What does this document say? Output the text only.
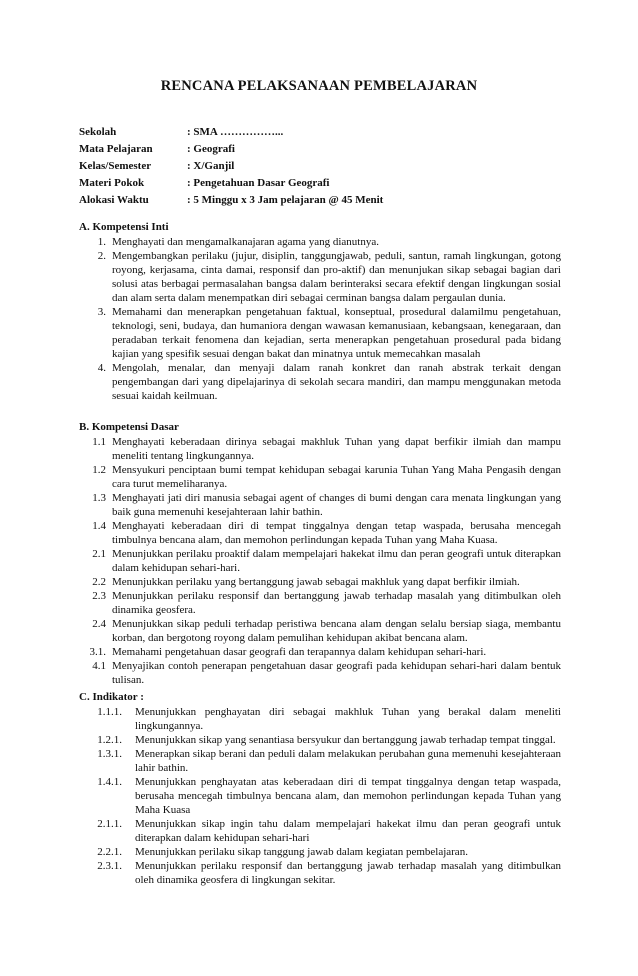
RENCANA PELAKSANAAN PEMBELAJARAN
Sekolah	: SMA ……………...
Mata Pelajaran	: Geografi
Kelas/Semester	: X/Ganjil
Materi Pokok	: Pengetahuan Dasar Geografi
Alokasi Waktu	: 5 Minggu x 3 Jam pelajaran @ 45 Menit
A. Kompetensi Inti
1. Menghayati dan mengamalkanajaran agama yang dianutnya.
2. Mengembangkan perilaku (jujur, disiplin, tanggungjawab, peduli, santun, ramah lingkungan, gotong royong, kerjasama, cinta damai, responsif dan pro-aktif) dan menunjukan sikap sebagai bagian dari solusi atas berbagai permasalahan bangsa dalam berinteraksi secara efektif dengan lingkungan sosial dan alam serta dalam menempatkan diri sebagai cerminan bangsa dalam pergaulan dunia.
3. Memahami dan menerapkan pengetahuan faktual, konseptual, prosedural dalamilmu pengetahuan, teknologi, seni, budaya, dan humaniora dengan wawasan kemanusiaan, kebangsaan, kenegaraan, dan peradaban terkait fenomena dan kejadian, serta menerapkan pengetahuan prosedural pada bidang kajian yang spesifik sesuai dengan bakat dan minatnya untuk memecahkan masalah
4. Mengolah, menalar, dan menyaji dalam ranah konkret dan ranah abstrak terkait dengan pengembangan dari yang dipelajarinya di sekolah secara mandiri, dan mampu menggunakan metoda sesuai kaidah keilmuan.
B. Kompetensi Dasar
1.1 Menghayati keberadaan dirinya sebagai makhluk Tuhan yang dapat berfikir ilmiah dan mampu meneliti tentang lingkungannya.
1.2 Mensyukuri penciptaan bumi tempat kehidupan sebagai karunia Tuhan Yang Maha Pengasih dengan cara turut memeliharanya.
1.3 Menghayati jati diri manusia sebagai agent of changes di bumi dengan cara menata lingkungan yang baik guna memenuhi kesejahteraan lahir bathin.
1.4 Menghayati keberadaan diri di tempat tinggalnya dengan tetap waspada, berusaha mencegah timbulnya bencana alam, dan memohon perlindungan kepada Tuhan yang Maha Kuasa.
2.1 Menunjukkan perilaku proaktif dalam mempelajari hakekat ilmu dan peran geografi untuk diterapkan dalam kehidupan sehari-hari.
2.2 Menunjukkan perilaku yang bertanggung jawab sebagai makhluk yang dapat berfikir ilmiah.
2.3 Menunjukkan perilaku responsif dan bertanggung jawab terhadap masalah yang ditimbulkan oleh dinamika geosfera.
2.4 Menunjukkan sikap peduli terhadap peristiwa bencana alam dengan selalu bersiap siaga, membantu korban, dan bergotong royong dalam pemulihan kehidupan akibat bencana alam.
3.1. Memahami pengetahuan dasar geografi dan terapannya dalam kehidupan sehari-hari.
4.1 Menyajikan contoh penerapan pengetahuan dasar geografi pada kehidupan sehari-hari dalam bentuk tulisan.
C. Indikator :
1.1.1.	Menunjukkan penghayatan diri sebagai makhluk Tuhan yang berakal dalam meneliti lingkungannya.
1.2.1.	Menunjukkan sikap yang senantiasa bersyukur dan bertanggung jawab terhadap tempat tinggal.
1.3.1.	Menerapkan sikap berani dan peduli dalam melakukan perubahan guna memenuhi kesejahteraan lahir bathin.
1.4.1.	Menunjukkan penghayatan atas keberadaan diri di tempat tinggalnya dengan tetap waspada, berusaha mencegah timbulnya bencana alam, dan memohon perlindungan kepada Tuhan yang Maha Kuasa
2.1.1.	Menunjukkan sikap ingin tahu dalam mempelajari hakekat ilmu dan peran geografi untuk diterapkan dalam kehidupan sehari-hari
2.2.1.	Menunjukkan perilaku sikap tanggung jawab dalam kegiatan pembelajaran.
2.3.1.	Menunjukkan perilaku responsif dan bertanggung jawab terhadap masalah yang ditimbulkan oleh dinamika geosfera di lingkungan sekitar.
